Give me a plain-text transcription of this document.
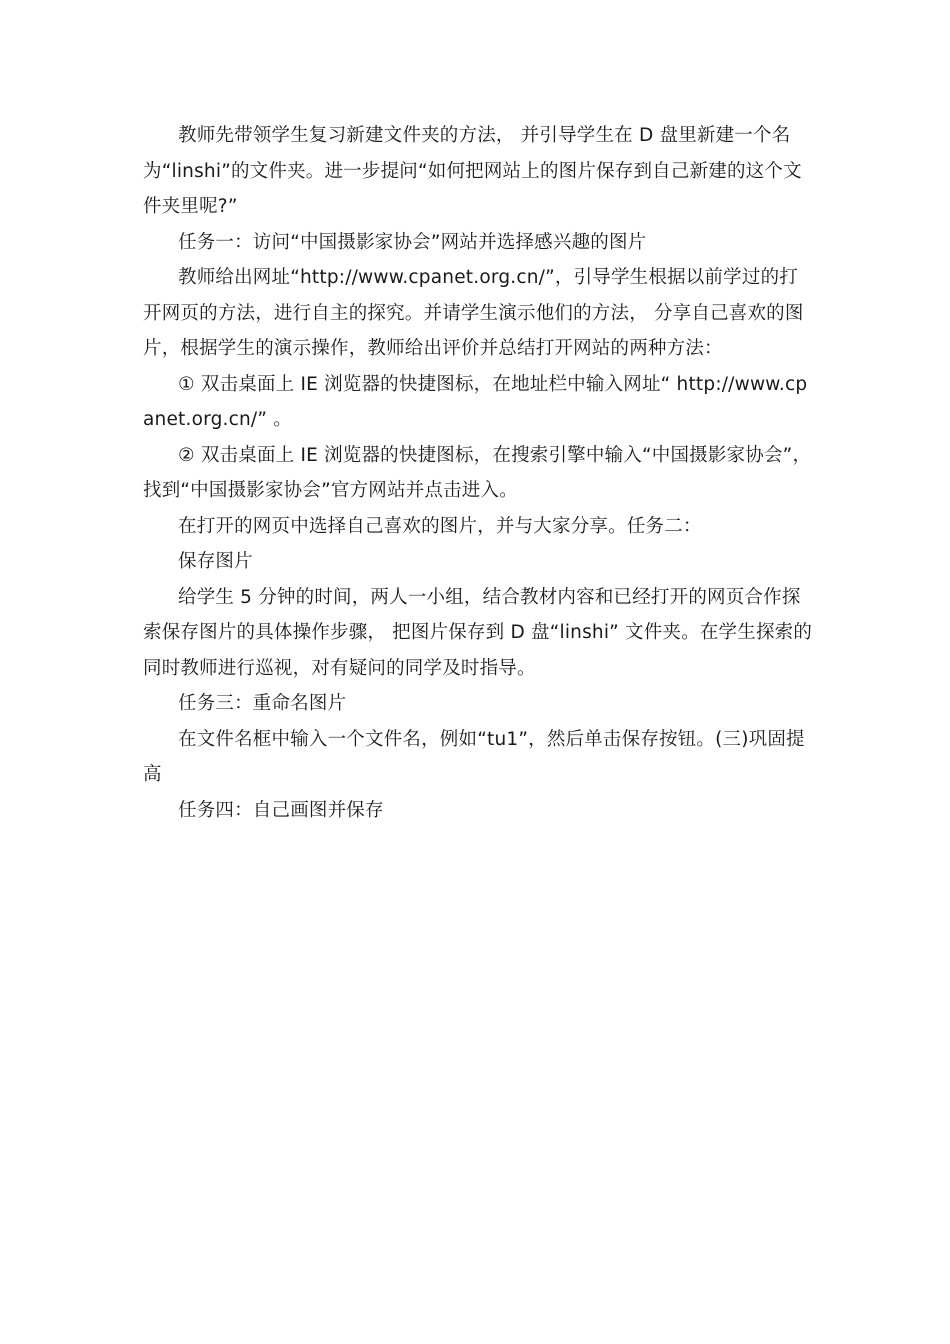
教师先带领学生复习新建文件夹的方法， 并引导学生在 D 盘里新建一个名为“linshi”的文件夹。进一步提问“如何把网站上的图片保存到自己新建的这个文件夹里呢?”

任务一：访问“中国摄影家协会”网站并选择感兴趣的图片

教师给出网址“http://www.cpanet.org.cn/”，引导学生根据以前学过的打开网页的方法，进行自主的探究。并请学生演示他们的方法， 分享自己喜欢的图片，根据学生的演示操作，教师给出评价并总结打开网站的两种方法：

① 双击桌面上 IE 浏览器的快捷图标，在地址栏中输入网址“ http://www.cpanet.org.cn/” 。

② 双击桌面上 IE 浏览器的快捷图标，在搜索引擎中输入“中国摄影家协会”，找到“中国摄影家协会”官方网站并点击进入。

在打开的网页中选择自己喜欢的图片，并与大家分享。任务二：

保存图片

给学生 5 分钟的时间，两人一小组，结合教材内容和已经打开的网页合作探索保存图片的具体操作步骤， 把图片保存到 D 盘“linshi” 文件夹。在学生探索的同时教师进行巡视，对有疑问的同学及时指导。

任务三：重命名图片

在文件名框中输入一个文件名，例如“tu1”，然后单击保存按钮。(三)巩固提高

任务四：自己画图并保存
